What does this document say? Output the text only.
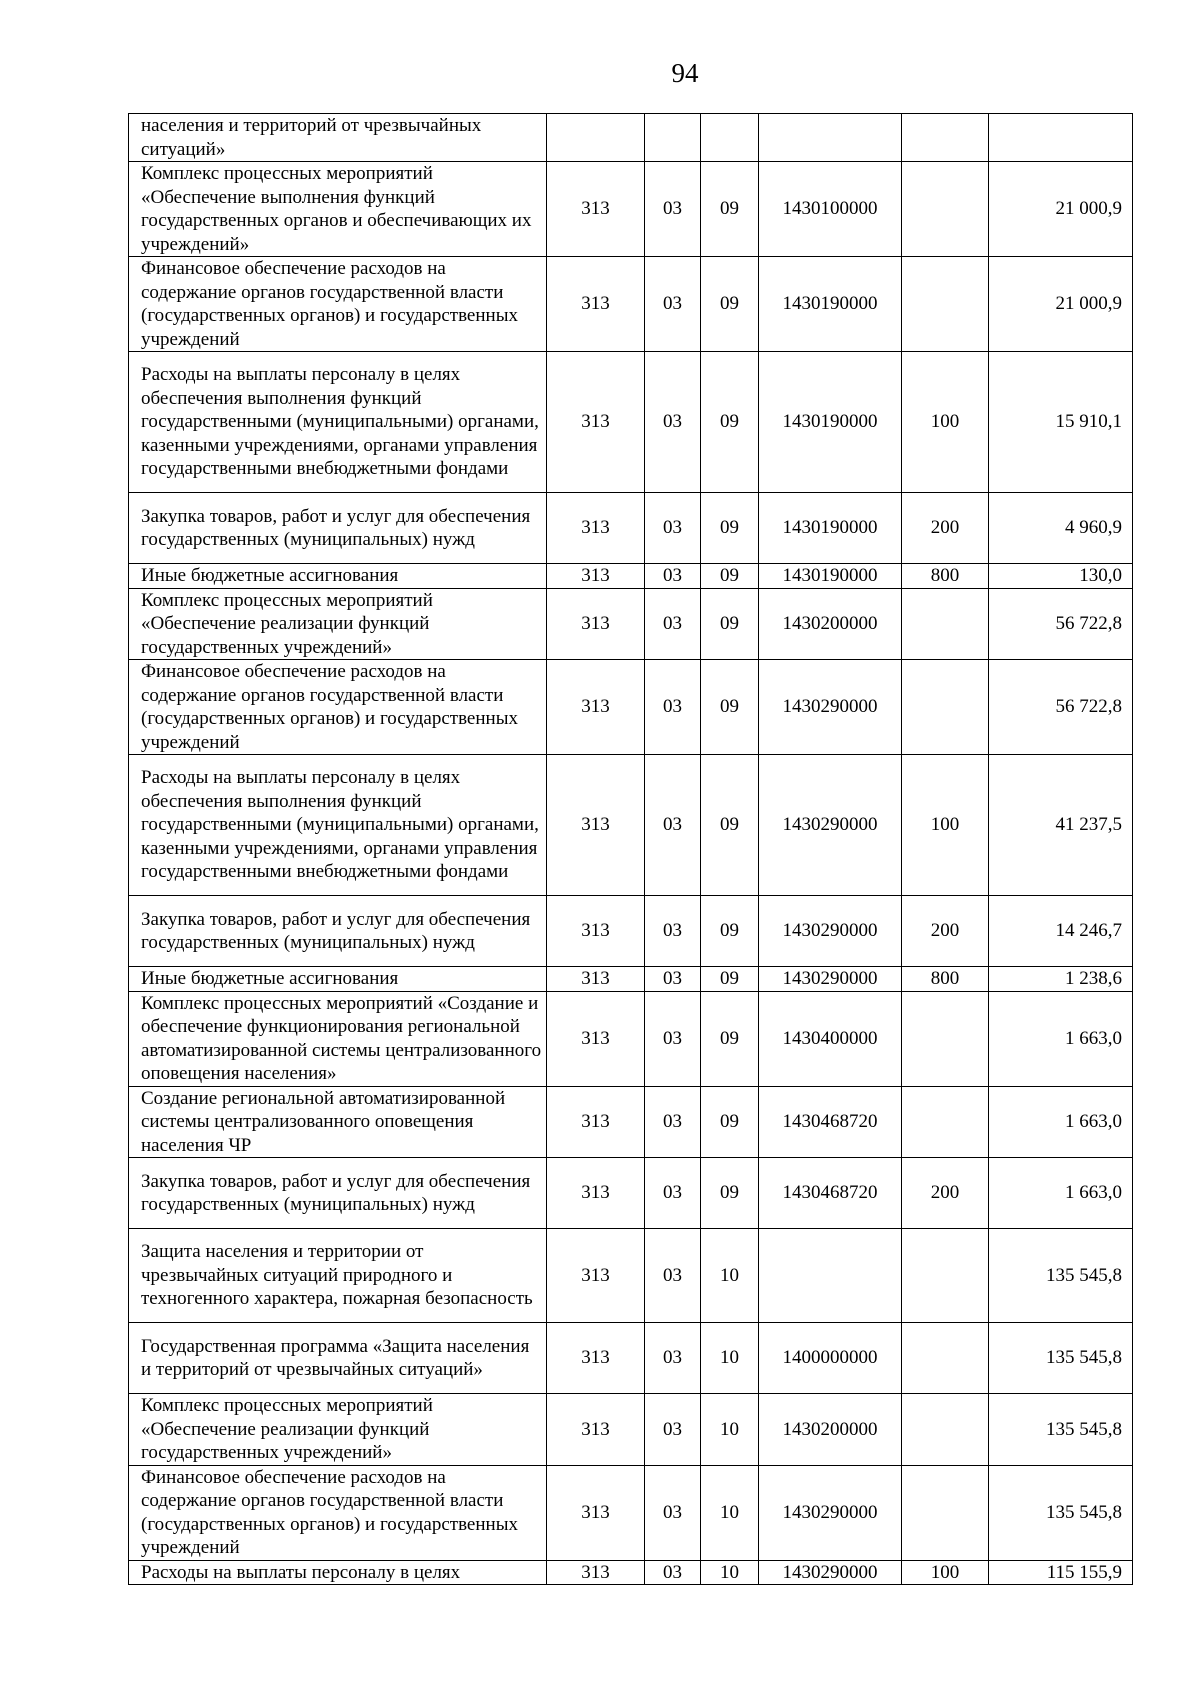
94
населения и территорий от чрезвычайных ситуаций»						
Комплекс процессных мероприятий «Обеспечение выполнения функций государственных органов и обеспечивающих их учреждений»	313	03	09	1430100000		21 000,9
Финансовое обеспечение расходов на содержание органов государственной власти (государственных органов) и государственных учреждений	313	03	09	1430190000		21 000,9
Расходы на выплаты персоналу в целях обеспечения выполнения функций государственными (муниципальными) органами, казенными учреждениями, органами управления государственными внебюджетными фондами	313	03	09	1430190000	100	15 910,1
Закупка товаров, работ и услуг для обеспечения государственных (муниципальных) нужд	313	03	09	1430190000	200	4 960,9
Иные бюджетные ассигнования	313	03	09	1430190000	800	130,0
Комплекс процессных мероприятий «Обеспечение реализации функций государственных учреждений»	313	03	09	1430200000		56 722,8
Финансовое обеспечение расходов на содержание органов государственной власти (государственных органов) и государственных учреждений	313	03	09	1430290000		56 722,8
Расходы на выплаты персоналу в целях обеспечения выполнения функций государственными (муниципальными) органами, казенными учреждениями, органами управления государственными внебюджетными фондами	313	03	09	1430290000	100	41 237,5
Закупка товаров, работ и услуг для обеспечения государственных (муниципальных) нужд	313	03	09	1430290000	200	14 246,7
Иные бюджетные ассигнования	313	03	09	1430290000	800	1 238,6
Комплекс процессных мероприятий «Создание и обеспечение функционирования региональной автоматизированной системы централизованного оповещения населения»	313	03	09	1430400000		1 663,0
Создание региональной автоматизированной системы централизованного оповещения населения ЧР	313	03	09	1430468720		1 663,0
Закупка товаров, работ и услуг для обеспечения государственных (муниципальных) нужд	313	03	09	1430468720	200	1 663,0
Защита населения и территории от чрезвычайных ситуаций природного и техногенного характера, пожарная безопасность	313	03	10			135 545,8
Государственная программа «Защита населения и территорий от чрезвычайных ситуаций»	313	03	10	1400000000		135 545,8
Комплекс процессных мероприятий «Обеспечение реализации функций государственных учреждений»	313	03	10	1430200000		135 545,8
Финансовое обеспечение расходов на содержание органов государственной власти (государственных органов) и государственных учреждений	313	03	10	1430290000		135 545,8
Расходы на выплаты персоналу в целях	313	03	10	1430290000	100	115 155,9
